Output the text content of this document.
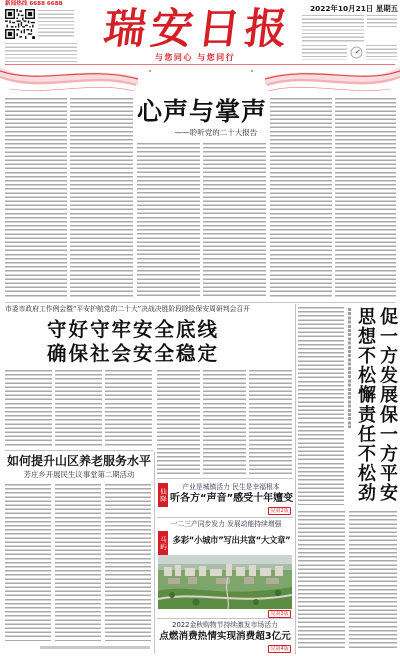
新闻热线 6688 6688 瑞安日报
与您同心 与您同行
2022年10月21日 星期五
心声与掌声
——聆听党的二十大报告
市委市政府工作例会暨“平安护航党的二十大”决战决胜阶段除险保安周研判会召开
守好守牢安全底线
确保社会安全稳定	思想不松懈责任不松劲 促一方发展保一方平安
如何提升山区养老服务水平
芳庄乡开展民生议事堂第二期活动
仙降
产业是城镇活力 民生是幸福根本
听各方“声音”感受十年嬗变
见第2版
一二三产同步发力 发展动能持续增强
马屿 多彩“小城市”写出共富“大文章”
见第3版
2022金秋购物节持续激发市场活力
点燃消费热情实现消费超3亿元
见第4版
